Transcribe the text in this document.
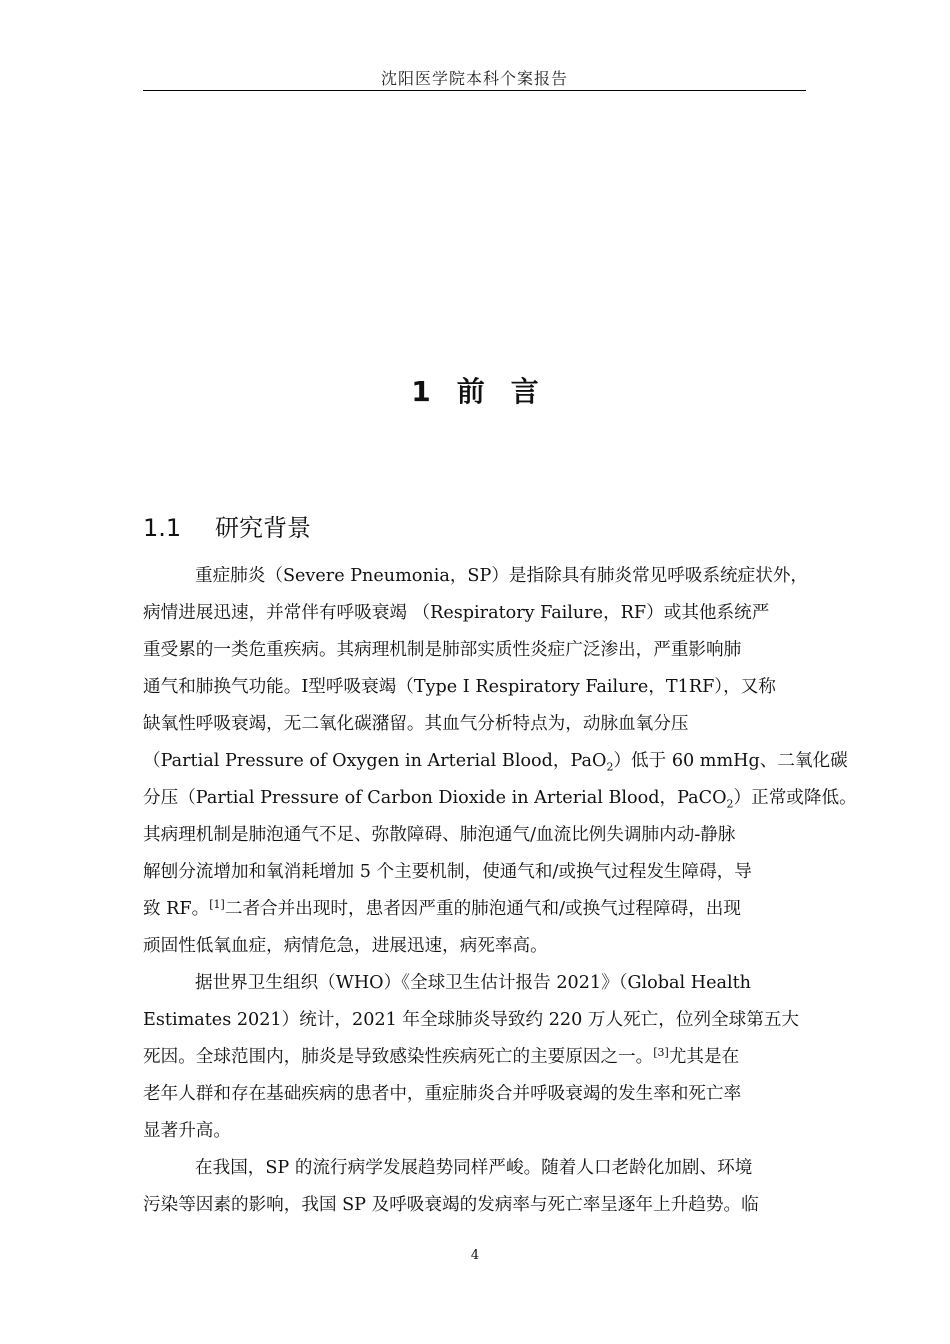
沈阳医学院本科个案报告
1 前言
1.1 研究背景
重症肺炎（Severe Pneumonia，SP）是指除具有肺炎常见呼吸系统症状外，
病情进展迅速，并常伴有呼吸衰竭 （Respiratory Failure，RF）或其他系统严
重受累的一类危重疾病。其病理机制是肺部实质性炎症广泛渗出，严重影响肺
通气和肺换气功能。Ⅰ型呼吸衰竭（Type I Respiratory Failure，T1RF），又称
缺氧性呼吸衰竭，无二氧化碳潴留。其血气分析特点为，动脉血氧分压
（Partial Pressure of Oxygen in Arterial Blood，PaO$_2$）低于 60 mmHg、二氧化碳
分压（Partial Pressure of Carbon Dioxide in Arterial Blood，PaCO$_2$）正常或降低。
其病理机制是肺泡通气不足、弥散障碍、肺泡通气/血流比例失调肺内动-静脉
解刨分流增加和氧消耗增加 5 个主要机制，使通气和/或换气过程发生障碍，导
致 RF。[1]二者合并出现时，患者因严重的肺泡通气和/或换气过程障碍，出现
顽固性低氧血症，病情危急，进展迅速，病死率高。
据世界卫生组织（WHO）《全球卫生估计报告 2021》（Global Health
Estimates 2021）统计，2021 年全球肺炎导致约 220 万人死亡，位列全球第五大
死因。全球范围内，肺炎是导致感染性疾病死亡的主要原因之一。[3]尤其是在
老年人群和存在基础疾病的患者中，重症肺炎合并呼吸衰竭的发生率和死亡率
显著升高。
在我国，SP 的流行病学发展趋势同样严峻。随着人口老龄化加剧、环境
污染等因素的影响，我国 SP 及呼吸衰竭的发病率与死亡率呈逐年上升趋势。临
4
